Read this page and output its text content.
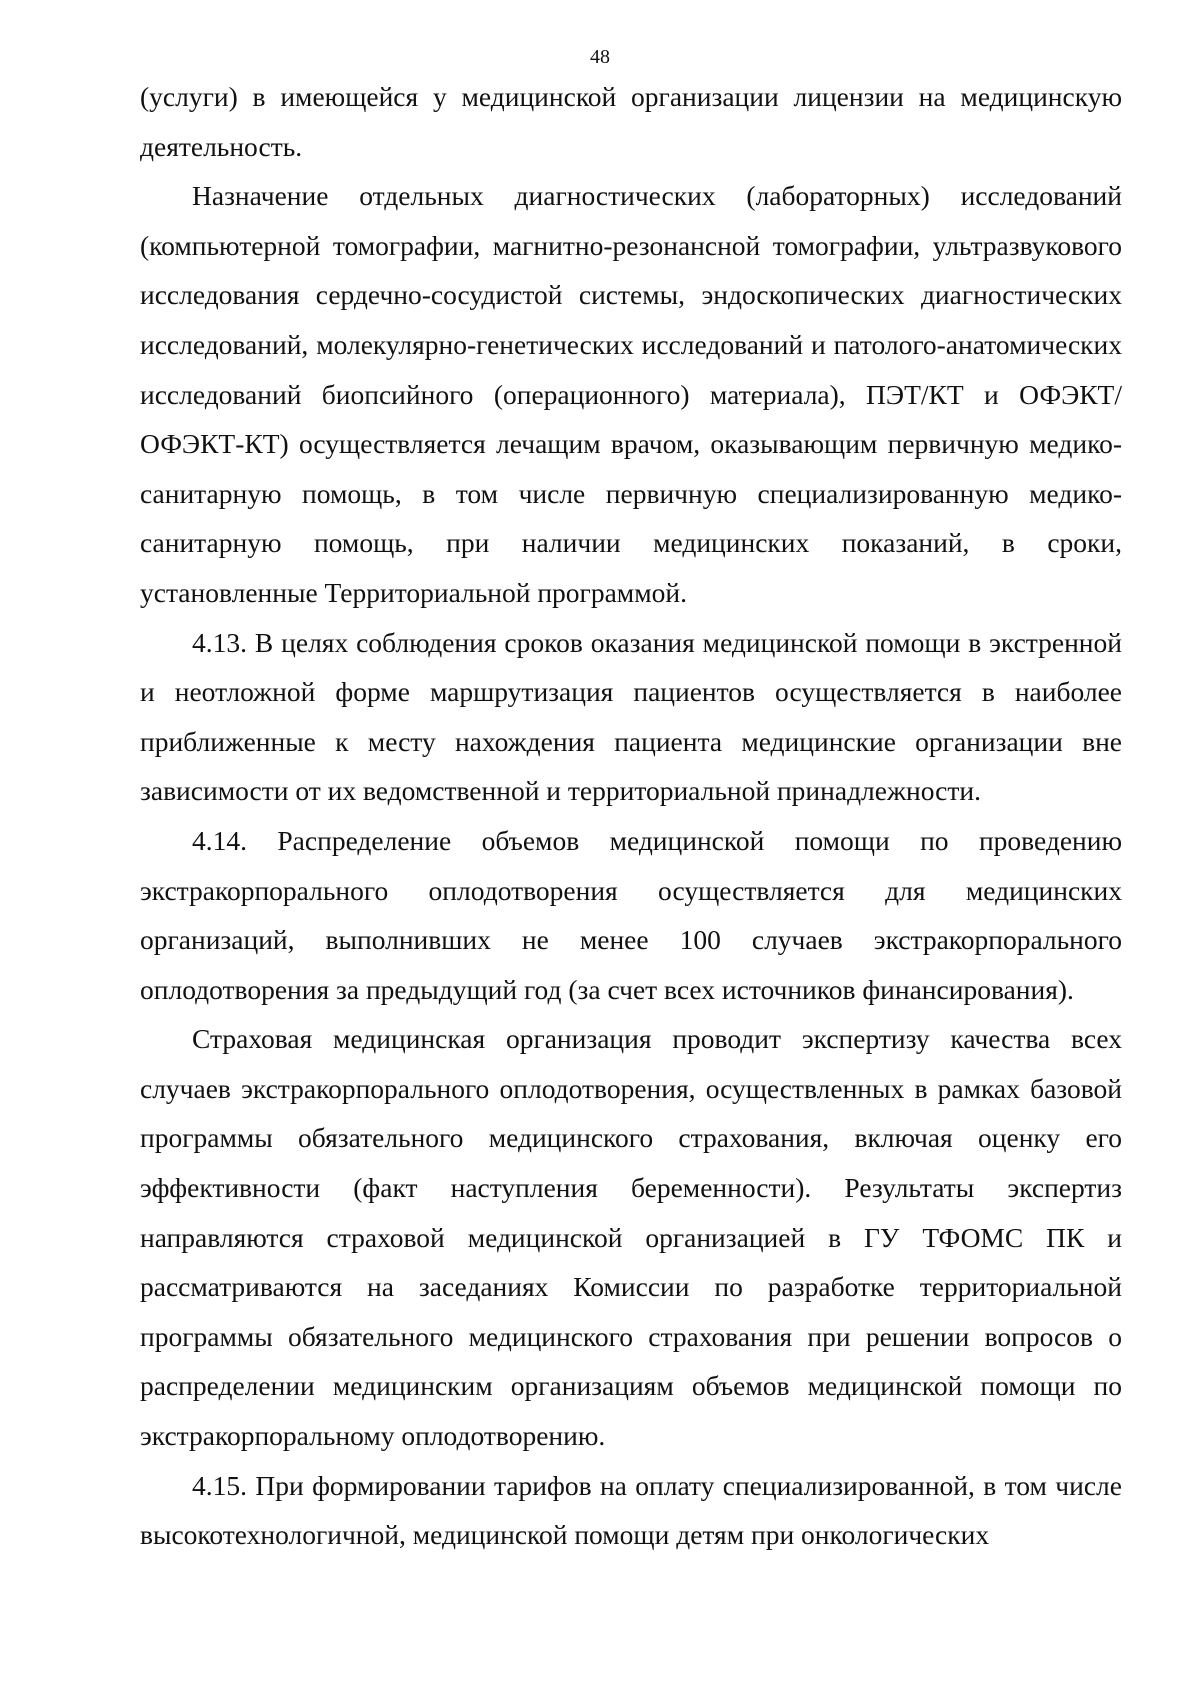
48

(услуги) в имеющейся у медицинской организации лицензии на медицинскую деятельность.

Назначение отдельных диагностических (лабораторных) исследований (компьютерной томографии, магнитно-резонансной томографии, ультразвукового исследования сердечно-сосудистой системы, эндоскопических диагностических исследований, молекулярно-генетических исследований и патолого-анатомических исследований биопсийного (операционного) материала), ПЭТ/КТ и ОФЭКТ/ОФЭКТ-КТ) осуществляется лечащим врачом, оказывающим первичную медико-санитарную помощь, в том числе первичную специализированную медико-санитарную помощь, при наличии медицинских показаний, в сроки, установленные Территориальной программой.

4.13. В целях соблюдения сроков оказания медицинской помощи в экстренной и неотложной форме маршрутизация пациентов осуществляется в наиболее приближенные к месту нахождения пациента медицинские организации вне зависимости от их ведомственной и территориальной принадлежности.

4.14. Распределение объемов медицинской помощи по проведению экстракорпорального оплодотворения осуществляется для медицинских организаций, выполнивших не менее 100 случаев экстракорпорального оплодотворения за предыдущий год (за счет всех источников финансирования).

Страховая медицинская организация проводит экспертизу качества всех случаев экстракорпорального оплодотворения, осуществленных в рамках базовой программы обязательного медицинского страхования, включая оценку его эффективности (факт наступления беременности). Результаты экспертиз направляются страховой медицинской организацией в ГУ ТФОМС ПК и рассматриваются на заседаниях Комиссии по разработке территориальной программы обязательного медицинского страхования при решении вопросов о распределении медицинским организациям объемов медицинской помощи по экстракорпоральному оплодотворению.

4.15. При формировании тарифов на оплату специализированной, в том числе высокотехнологичной, медицинской помощи детям при онкологических
